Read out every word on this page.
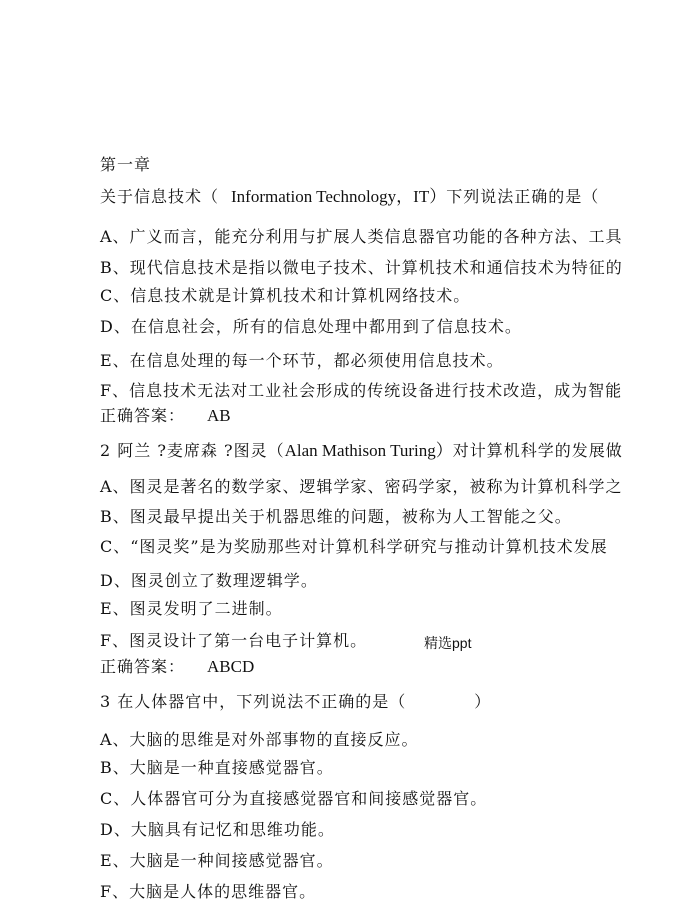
第一章
关于信息技术（ Information Technology，IT）下列说法正确的是（
A、广义而言，能充分利用与扩展人类信息器官功能的各种方法、工具
B、现代信息技术是指以微电子技术、计算机技术和通信技术为特征的
C、信息技术就是计算机技术和计算机网络技术。
D、在信息社会，所有的信息处理中都用到了信息技术。
E、在信息处理的每一个环节，都必须使用信息技术。
F、信息技术无法对工业社会形成的传统设备进行技术改造，成为智能
正确答案： AB
2 阿兰 ?麦席森 ?图灵（Alan Mathison Turing）对计算机科学的发展做
A、图灵是著名的数学家、逻辑学家、密码学家，被称为计算机科学之
B、图灵最早提出关于机器思维的问题，被称为人工智能之父。
C、“图灵奖”是为奖励那些对计算机科学研究与推动计算机技术发展
D、图灵创立了数理逻辑学。
E、图灵发明了二进制。
F、图灵设计了第一台电子计算机。	精选ppt
正确答案： ABCD
3 在人体器官中，下列说法不正确的是（　　　　）
A、大脑的思维是对外部事物的直接反应。
B、大脑是一种直接感觉器官。
C、人体器官可分为直接感觉器官和间接感觉器官。
D、大脑具有记忆和思维功能。
E、大脑是一种间接感觉器官。
F、大脑是人体的思维器官。
